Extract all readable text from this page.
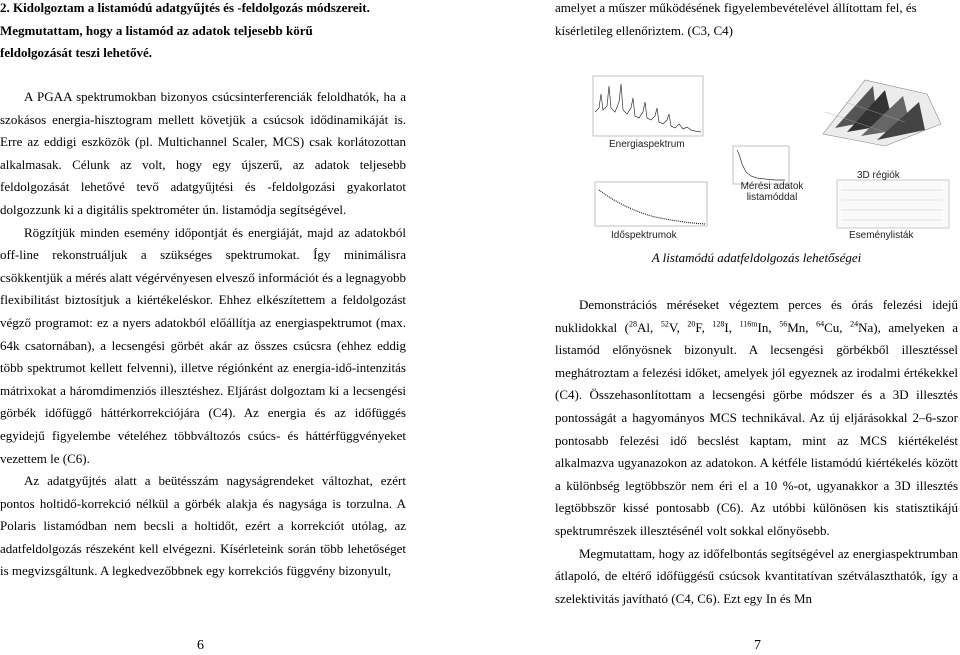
2. Kidolgoztam a listamódú adatgyűjtés és -feldolgozás módszereit.

Megmutattam, hogy a listamód az adatok teljesebb körű

feldolgozását teszi lehetővé.

A PGAA spektrumokban bizonyos csúcsinterferenciák feloldhatók, ha a szokásos energia-hisztogram mellett követjük a csúcsok idődinamikáját is. Erre az eddigi eszközök (pl. Multichannel Scaler, MCS) csak korlátozottan alkalmasak. Célunk az volt, hogy egy újszerű, az adatok teljesebb feldolgozását lehetővé tevő adatgyűjtési és -feldolgozási gyakorlatot dolgozzunk ki a digitális spektrométer ún. listamódja segítségével.

Rögzítjük minden esemény időpontját és energiáját, majd az adatokból off-line rekonstruáljuk a szükséges spektrumokat. Így minimálisra csökkentjük a mérés alatt végérvényesen elvesző információt és a legnagyobb flexibilitást biztosítjuk a kiértékeléskor. Ehhez elkészítettem a feldolgozást végző programot: ez a nyers adatokból előállítja az energiaspektrumot (max. 64k csatornában), a lecsengési görbét akár az összes csúcsra (ehhez eddig több spektrumot kellett felvenni), illetve régiónként az energia-idő-intenzitás mátrixokat a háromdimenziós illesztéshez. Eljárást dolgoztam ki a lecsengési görbék időfüggő háttérkorrekciójára (C4). Az energia és az időfüggés egyidejű figyelembe vételéhez többváltozós csúcs- és háttérfüggvényeket vezettem le (C6).

Az adatgyűjtés alatt a beütésszám nagyságrendeket változhat, ezért pontos holtidő-korrekció nélkül a görbék alakja és nagysága is torzulna. A Polaris listamódban nem becsli a holtidőt, ezért a korrekciót utólag, az adatfeldolgozás részeként kell elvégezni. Kísérleteink során több lehetőséget is megvizsgáltunk. A legkedvezőbbnek egy korrekciós függvény bizonyult,

6

amelyet a műszer működésének figyelembevételével állítottam fel, és

kísérletileg ellenőriztem. (C3, C4)

Demonstrációs méréseket végeztem perces és órás felezési idejű nuklidokkal ($^{28}$Al, $^{52}$V, $^{20}$F, $^{128}$I, $^{116m}$In, $^{56}$Mn, $^{64}$Cu, $^{24}$Na), amelyeken a listamód előnyösnek bizonyult. A lecsengési görbékből illesztéssel meghátroztam a felezési időket, amelyek jól egyeznek az irodalmi értékekkel (C4). Összehasonlítottam a lecsengési görbe módszer és a 3D illesztés pontosságát a hagyományos MCS technikával. Az új eljárásokkal 2–6-szor pontosabb felezési idő becslést kaptam, mint az MCS kiértékelést alkalmazva ugyanazokon az adatokon. A kétféle listamódú kiértékelés között a különbség legtöbbször nem éri el a 10 %-ot, ugyanakkor a 3D illesztés legtöbbször kissé pontosabb (C6). Az utóbbi különösen kis statisztikájú spektrumrészek illesztésénél volt sokkal előnyösebb.

Megmutattam, hogy az időfelbontás segítségével az energiaspektrumban átlapoló, de eltérő időfüggésű csúcsok kvantitatívan szétválaszthatók, így a szelektivitás javítható (C4, C6). Ezt egy In és Mn

7
Energiaspektrum
3D régiók
Mérési adatok listamóddal
Időspektrumok	Eseménylisták
A listamódú adatfeldolgozás lehetőségei
